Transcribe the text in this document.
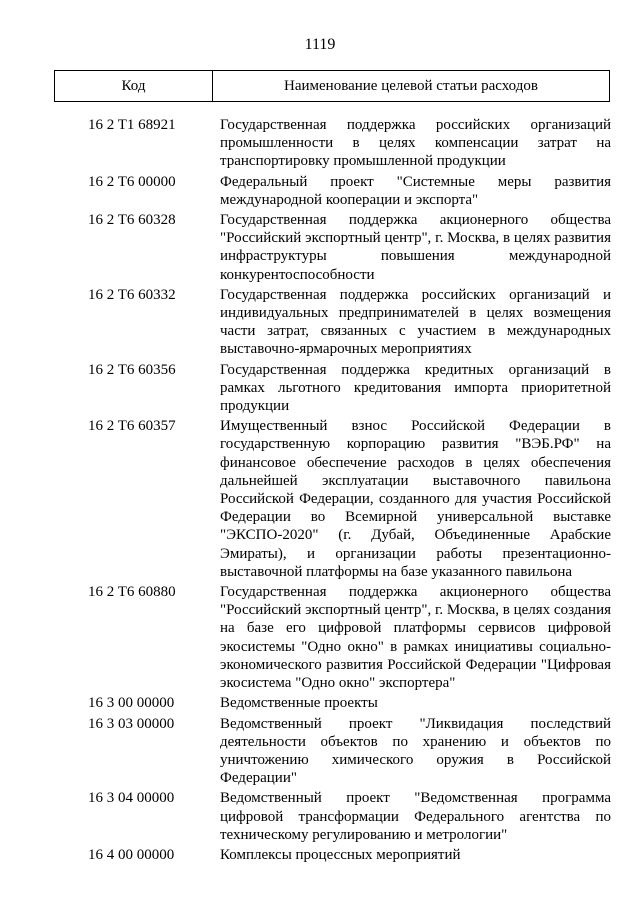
1119
Код	Наименование целевой статьи расходов
16 2 T1 68921	Государственная поддержка российских организаций промышленности в целях компенсации затрат на транспортировку промышленной продукции
16 2 T6 00000	Федеральный проект "Системные меры развития международной кооперации и экспорта"
16 2 T6 60328	Государственная поддержка акционерного общества "Российский экспортный центр", г. Москва, в целях развития инфраструктуры повышения международной конкурентоспособности
16 2 T6 60332	Государственная поддержка российских организаций и индивидуальных предпринимателей в целях возмещения части затрат, связанных с участием в международных выставочно-ярмарочных мероприятиях
16 2 T6 60356	Государственная поддержка кредитных организаций в рамках льготного кредитования импорта приоритетной продукции
16 2 T6 60357	Имущественный взнос Российской Федерации в государственную корпорацию развития "ВЭБ.РФ" на финансовое обеспечение расходов в целях обеспечения дальнейшей эксплуатации выставочного павильона Российской Федерации, созданного для участия Российской Федерации во Всемирной универсальной выставке "ЭКСПО-2020" (г. Дубай, Объединенные Арабские Эмираты), и организации работы презентационно-выставочной платформы на базе указанного павильона
16 2 T6 60880	Государственная поддержка акционерного общества "Российский экспортный центр", г. Москва, в целях создания на базе его цифровой платформы сервисов цифровой экосистемы "Одно окно" в рамках инициативы социально-экономического развития Российской Федерации "Цифровая экосистема "Одно окно" экспортера"
16 3 00 00000	Ведомственные проекты
16 3 03 00000	Ведомственный проект "Ликвидация последствий деятельности объектов по хранению и объектов по уничтожению химического оружия в Российской Федерации"
16 3 04 00000	Ведомственный проект "Ведомственная программа цифровой трансформации Федерального агентства по техническому регулированию и метрологии"
16 4 00 00000	Комплексы процессных мероприятий
